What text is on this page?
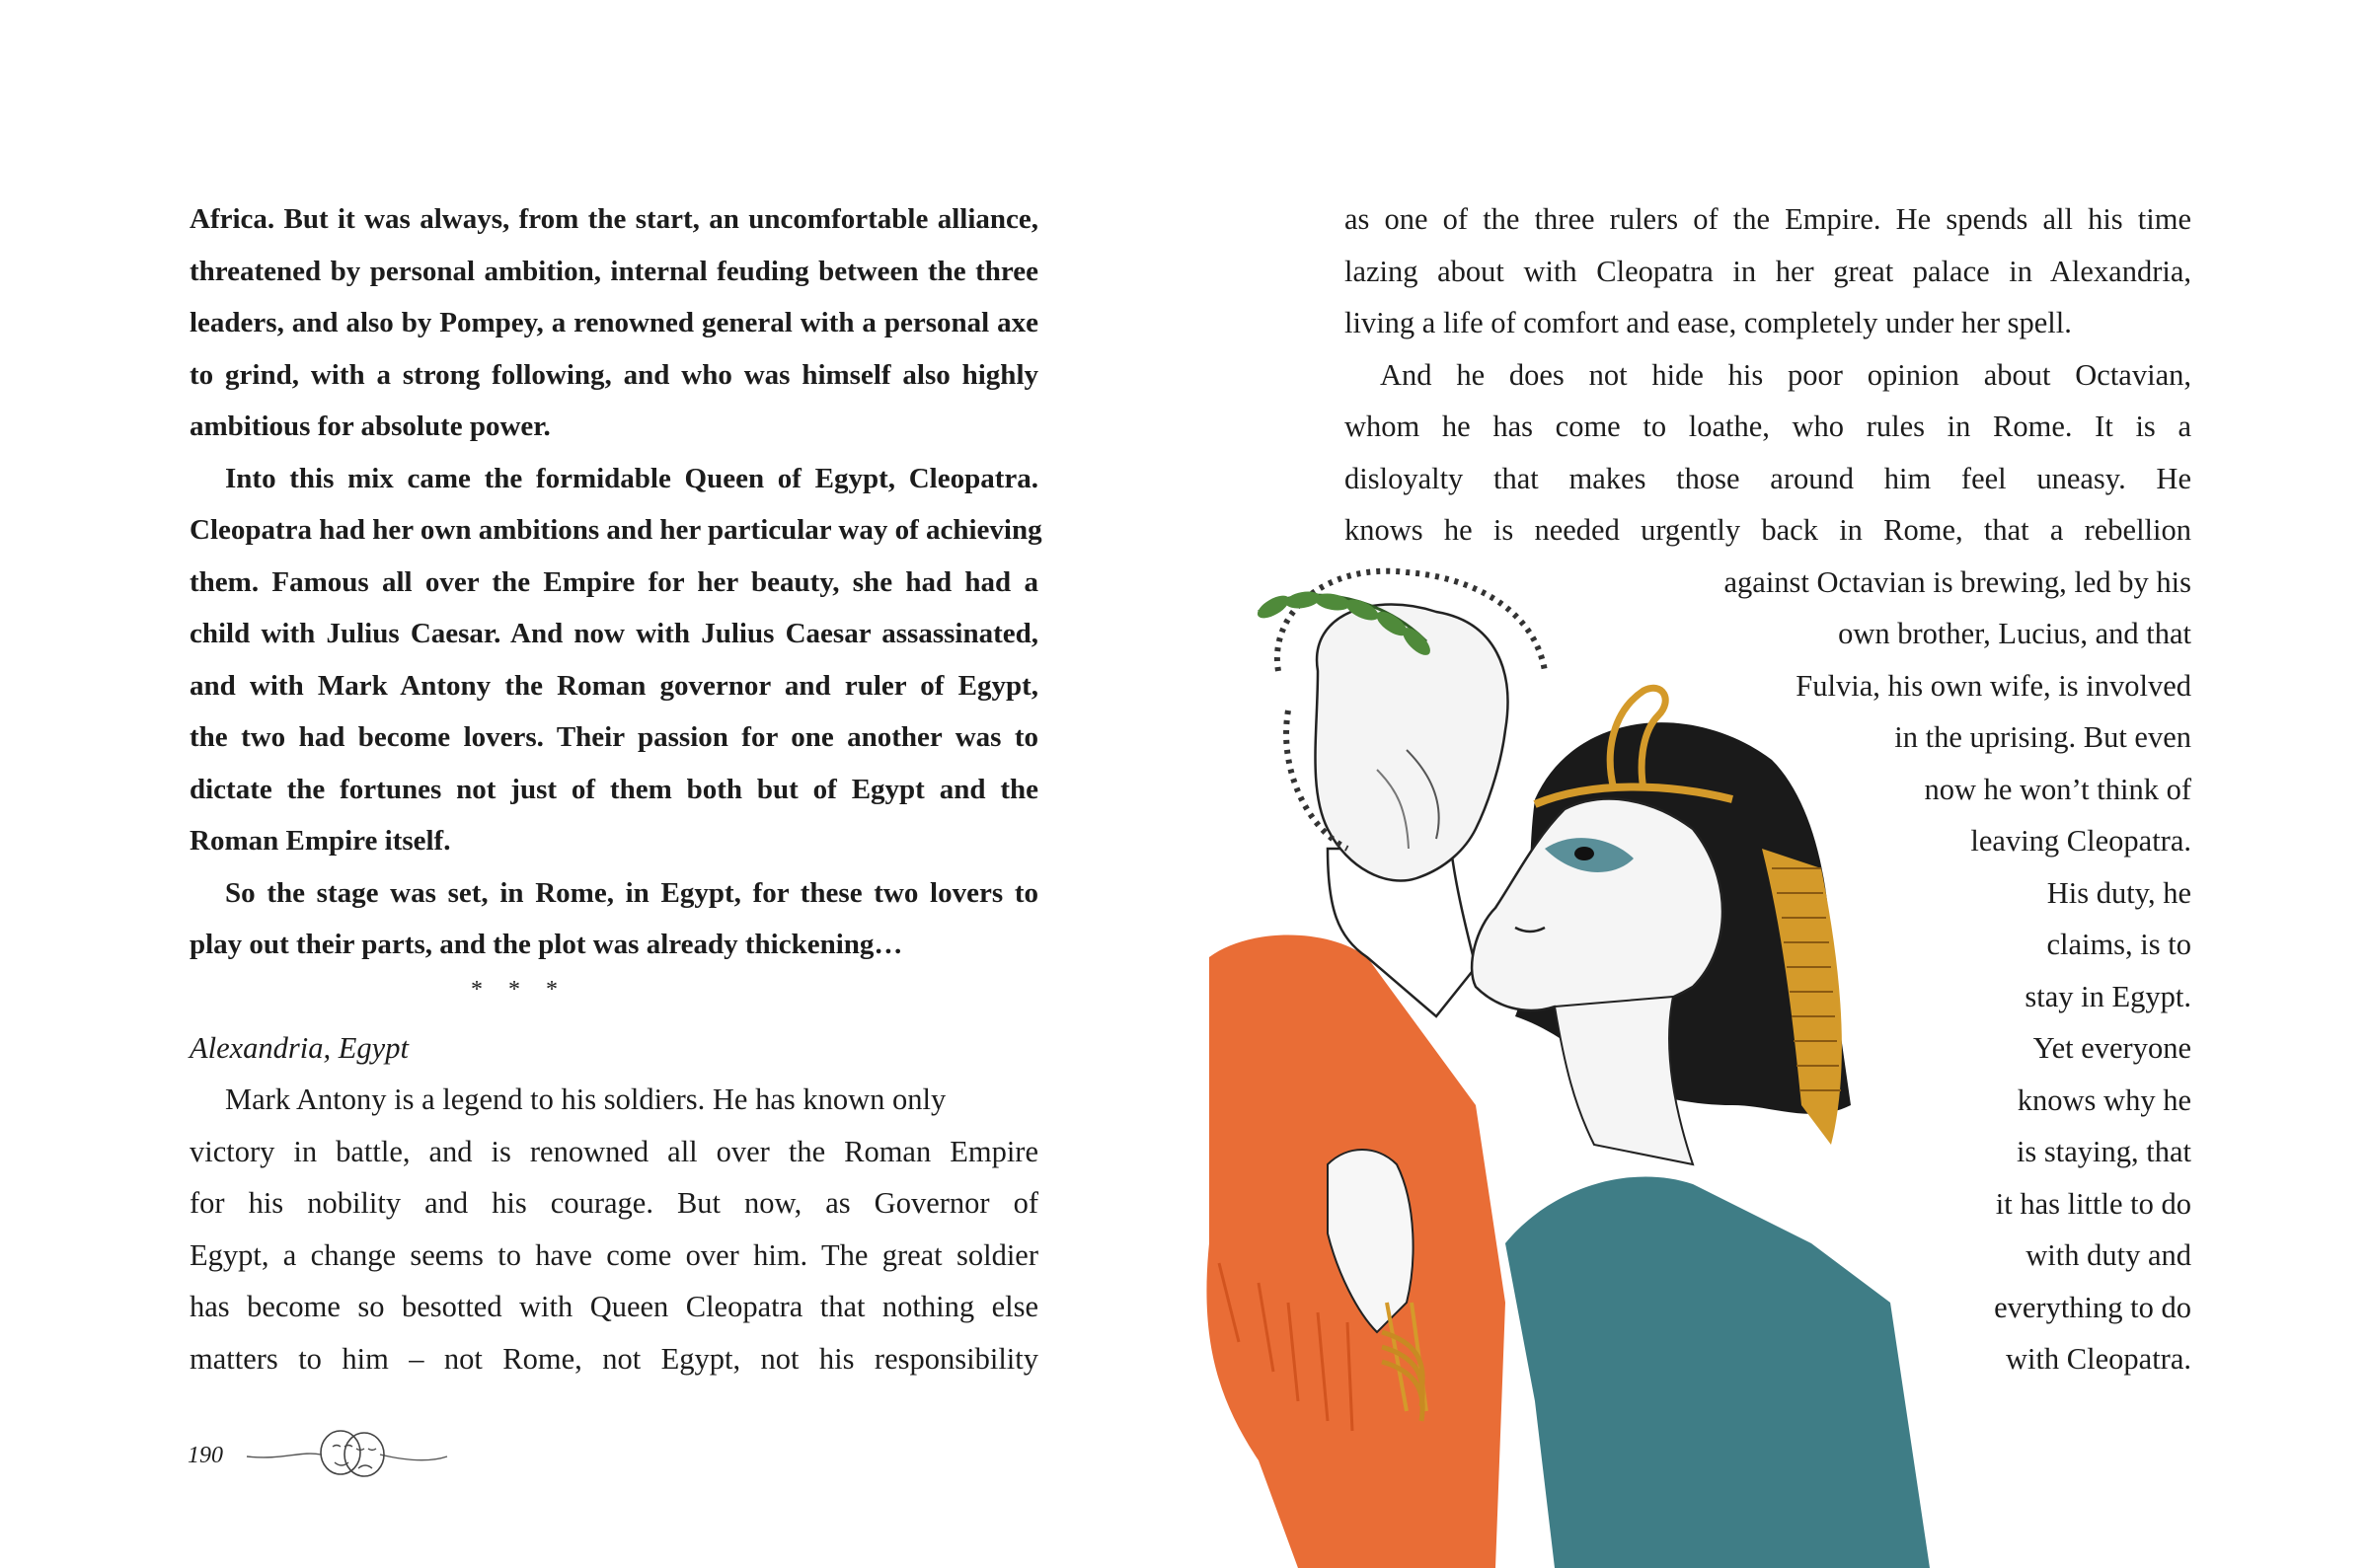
Africa. But it was always, from the start, an uncomfortable alliance,
threatened by personal ambition, internal feuding between the three
leaders, and also by Pompey, a renowned general with a personal axe
to grind, with a strong following, and who was himself also highly
ambitious for absolute power.
Into this mix came the formidable Queen of Egypt, Cleopatra.
Cleopatra had her own ambitions and her particular way of achieving
them. Famous all over the Empire for her beauty, she had had a
child with Julius Caesar. And now with Julius Caesar assassinated,
and with Mark Antony the Roman governor and ruler of Egypt,
the two had become lovers. Their passion for one another was to
dictate the fortunes not just of them both but of Egypt and the
Roman Empire itself.
So the stage was set, in Rome, in Egypt, for these two lovers to
play out their parts, and the plot was already thickening…
* * *
Alexandria, Egypt
Mark Antony is a legend to his soldiers. He has known only
victory in battle, and is renowned all over the Roman Empire
for his nobility and his courage. But now, as Governor of
Egypt, a change seems to have come over him. The great soldier
has become so besotted with Queen Cleopatra that nothing else
matters to him – not Rome, not Egypt, not his responsibility
190
as one of the three rulers of the Empire. He spends all his time
lazing about with Cleopatra in her great palace in Alexandria,
living a life of comfort and ease, completely under her spell.
And he does not hide his poor opinion about Octavian,
whom he has come to loathe, who rules in Rome. It is a
disloyalty that makes those around him feel uneasy. He
knows he is needed urgently back in Rome, that a rebellion
against Octavian is brewing, led by his
own brother, Lucius, and that
Fulvia, his own wife, is involved
in the uprising. But even
now he won’t think of
leaving Cleopatra.
His duty, he
claims, is to
stay in Egypt.
Yet everyone
knows why he
is staying, that
it has little to do
with duty and
everything to do
with Cleopatra.
